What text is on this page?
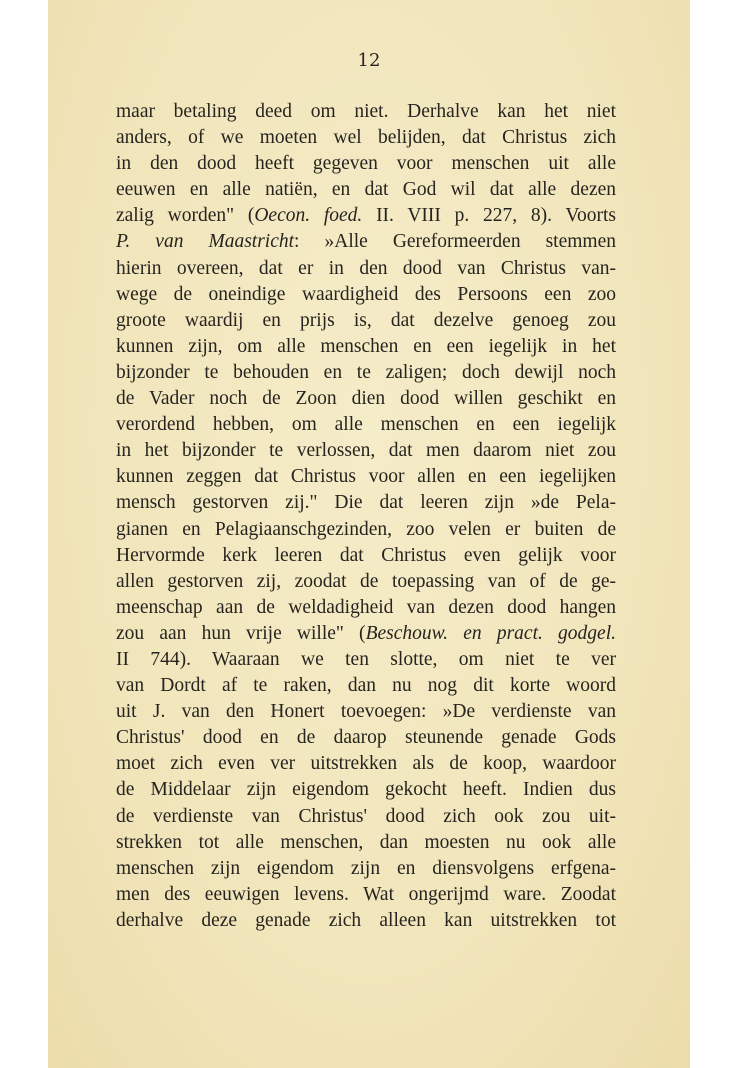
12
maar betaling deed om niet. Derhalve kan het niet
anders, of we moeten wel belijden, dat Christus zich
in den dood heeft gegeven voor menschen uit alle
eeuwen en alle natiën, en dat God wil dat alle dezen
zalig worden" (Oecon. foed. II. VIII p. 227, 8). Voorts
P. van Maastricht: »Alle Gereformeerden stemmen
hierin overeen, dat er in den dood van Christus van-
wege de oneindige waardigheid des Persoons een zoo
groote waardij en prijs is, dat dezelve genoeg zou
kunnen zijn, om alle menschen en een iegelijk in het
bijzonder te behouden en te zaligen; doch dewijl noch
de Vader noch de Zoon dien dood willen geschikt en
verordend hebben, om alle menschen en een iegelijk
in het bijzonder te verlossen, dat men daarom niet zou
kunnen zeggen dat Christus voor allen en een iegelijken
mensch gestorven zij." Die dat leeren zijn »de Pela-
gianen en Pelagiaanschgezinden, zoo velen er buiten de
Hervormde kerk leeren dat Christus even gelijk voor
allen gestorven zij, zoodat de toepassing van of de ge-
meenschap aan de weldadigheid van dezen dood hangen
zou aan hun vrije wille" (Beschouw. en pract. godgel.
II 744). Waaraan we ten slotte, om niet te ver
van Dordt af te raken, dan nu nog dit korte woord
uit J. van den Honert toevoegen: »De verdienste van
Christus' dood en de daarop steunende genade Gods
moet zich even ver uitstrekken als de koop, waardoor
de Middelaar zijn eigendom gekocht heeft. Indien dus
de verdienste van Christus' dood zich ook zou uit-
strekken tot alle menschen, dan moesten nu ook alle
menschen zijn eigendom zijn en diensvolgens erfgena-
men des eeuwigen levens. Wat ongerijmd ware. Zoodat
derhalve deze genade zich alleen kan uitstrekken tot
